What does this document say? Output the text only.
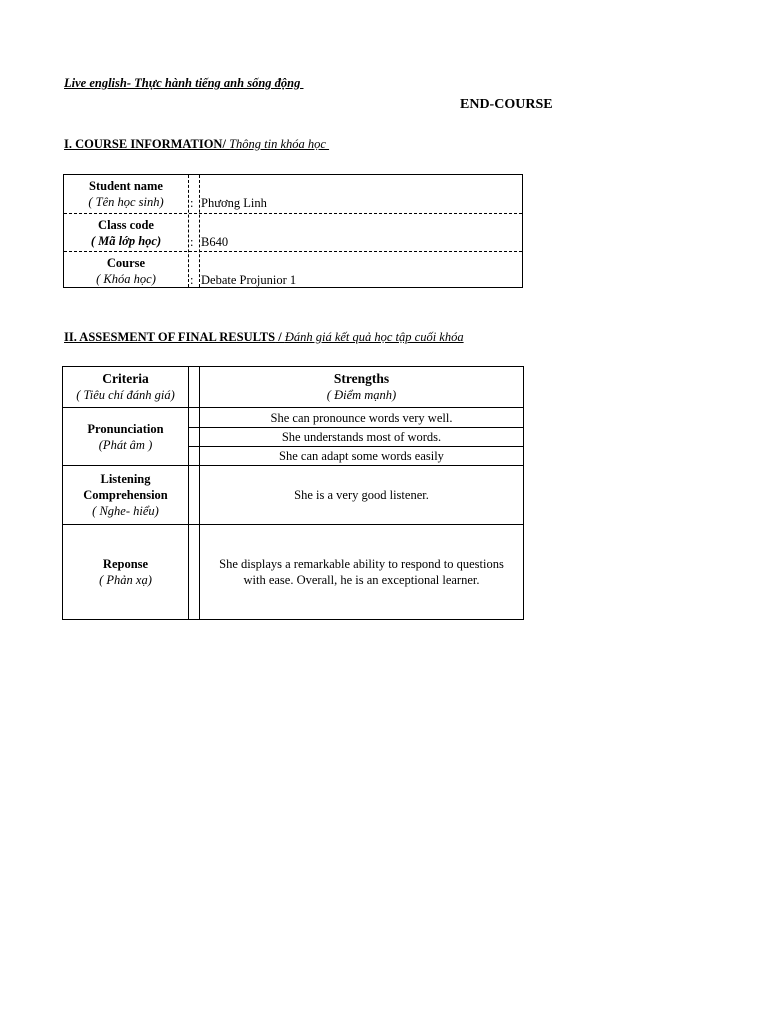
Live english- Thực hành tiếng anh sống động
END-COURSE
I. COURSE INFORMATION/ Thông tin khóa học
Student name
( Tên học sinh) : Phương Linh
Class code
( Mã lớp học) : B640
Course
( Khóa học)	: Debate Projunior 1
II. ASSESMENT OF FINAL RESULTS / Đánh giá kết quả học tập cuối khóa
Criteria
( Tiêu chí đánh giá)
Strengths
( Điểm mạnh)
Pronunciation
(Phát âm )
She can pronounce words very well.
She understands most of words.
She can adapt some words easily
Listening
Comprehension
( Nghe- hiểu)
She is a very good listener.
Reponse
( Phản xạ)
She displays a remarkable ability to respond to questions
with ease. Overall, he is an exceptional learner.
